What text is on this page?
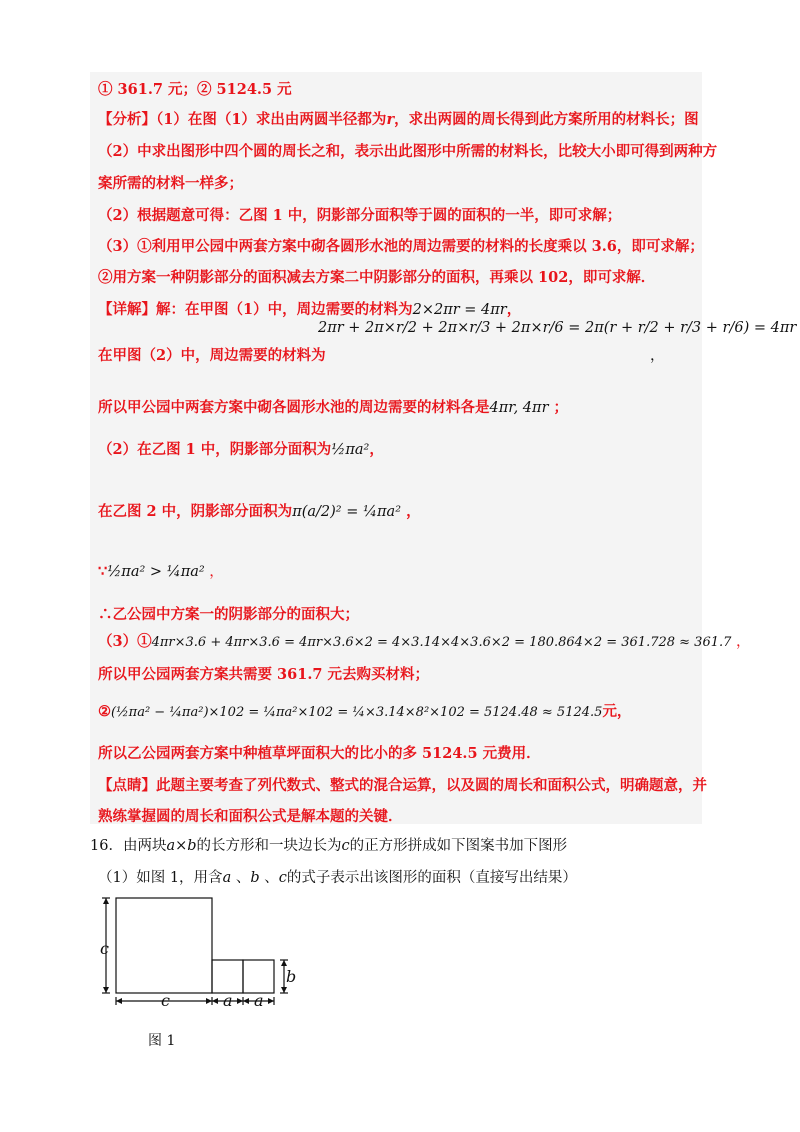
① 361.7 元；② 5124.5 元
【分析】（1）在图（1）求出由两圆半径都为r，求出两圆的周长得到此方案所用的材料长；图
（2）中求出图形中四个圆的周长之和，表示出此图形中所需的材料长，比较大小即可得到两种方
案所需的材料一样多；
（2）根据题意可得：乙图 1 中，阴影部分面积等于圆的面积的一半，即可求解；
（3）①利用甲公园中两套方案中砌各圆形水池的周边需要的材料的长度乘以 3.6，即可求解；
②用方案一种阴影部分的面积减去方案二中阴影部分的面积，再乘以 102，即可求解．
【详解】解：在甲图（1）中，周边需要的材料为2×2πr = 4πr，
在甲图（2）中，周边需要的材料为
2πr + 2π×r/2 + 2π×r/3 + 2π×r/6 = 2π(r + r/2 + r/3 + r/6) = 4πr
，
所以甲公园中两套方案中砌各圆形水池的周边需要的材料各是4πr, 4πr ；
（2）在乙图 1 中，阴影部分面积为½πa²，
在乙图 2 中，阴影部分面积为π(a/2)² = ¼πa² ，
∵½πa² > ¼πa² ，
∴乙公园中方案一的阴影部分的面积大；
（3）①4πr×3.6 + 4πr×3.6 = 4πr×3.6×2 = 4×3.14×4×3.6×2 = 180.864×2 = 361.728 ≈ 361.7 ，
所以甲公园两套方案共需要 361.7 元去购买材料；
②(½πa² − ¼πa²)×102 = ¼πa²×102 = ¼×3.14×8²×102 = 5124.48 ≈ 5124.5元，
所以乙公园两套方案中种植草坪面积大的比小的多 5124.5 元费用．
【点睛】此题主要考查了列代数式、整式的混合运算，以及圆的周长和面积公式，明确题意，并
熟练掌握圆的周长和面积公式是解本题的关键．
16．由两块a×b的长方形和一块边长为c的正方形拼成如下图案书加下图形
（1）如图 1，用含a 、b 、c的式子表示出该图形的面积（直接写出结果）
c
c	a a
b
图 1
